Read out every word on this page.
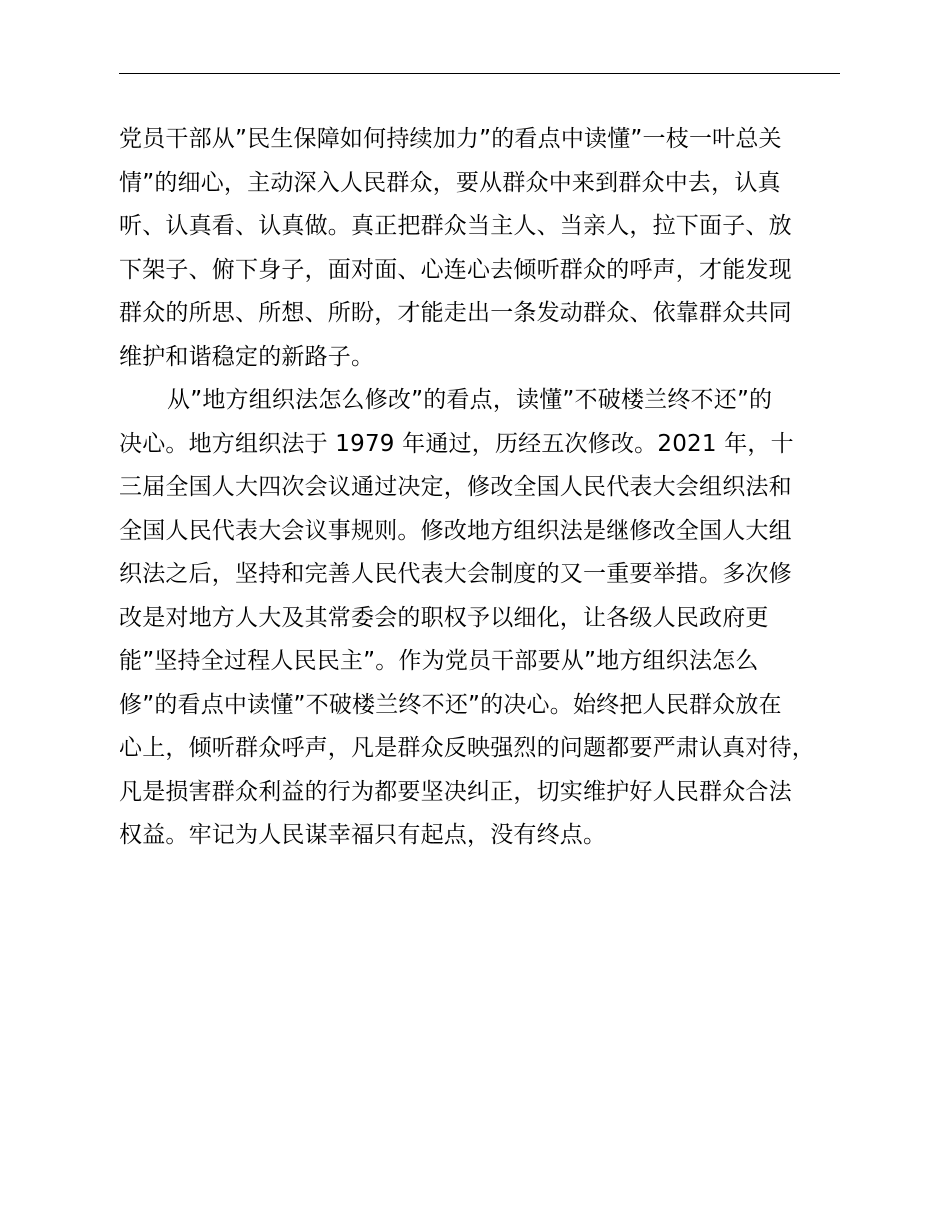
党员干部从”民生保障如何持续加力”的看点中读懂”一枝一叶总关
情”的细心，主动深入人民群众，要从群众中来到群众中去，认真
听、认真看、认真做。真正把群众当主人、当亲人，拉下面子、放
下架子、俯下身子，面对面、心连心去倾听群众的呼声，才能发现
群众的所思、所想、所盼，才能走出一条发动群众、依靠群众共同
维护和谐稳定的新路子。
从”地方组织法怎么修改”的看点，读懂”不破楼兰终不还”的
决心。地方组织法于 1979 年通过，历经五次修改。2021 年，十
三届全国人大四次会议通过决定，修改全国人民代表大会组织法和
全国人民代表大会议事规则。修改地方组织法是继修改全国人大组
织法之后，坚持和完善人民代表大会制度的又一重要举措。多次修
改是对地方人大及其常委会的职权予以细化，让各级人民政府更
能”坚持全过程人民民主”。作为党员干部要从”地方组织法怎么
修”的看点中读懂”不破楼兰终不还”的决心。始终把人民群众放在
心上，倾听群众呼声，凡是群众反映强烈的问题都要严肃认真对待，
凡是损害群众利益的行为都要坚决纠正，切实维护好人民群众合法
权益。牢记为人民谋幸福只有起点，没有终点。
